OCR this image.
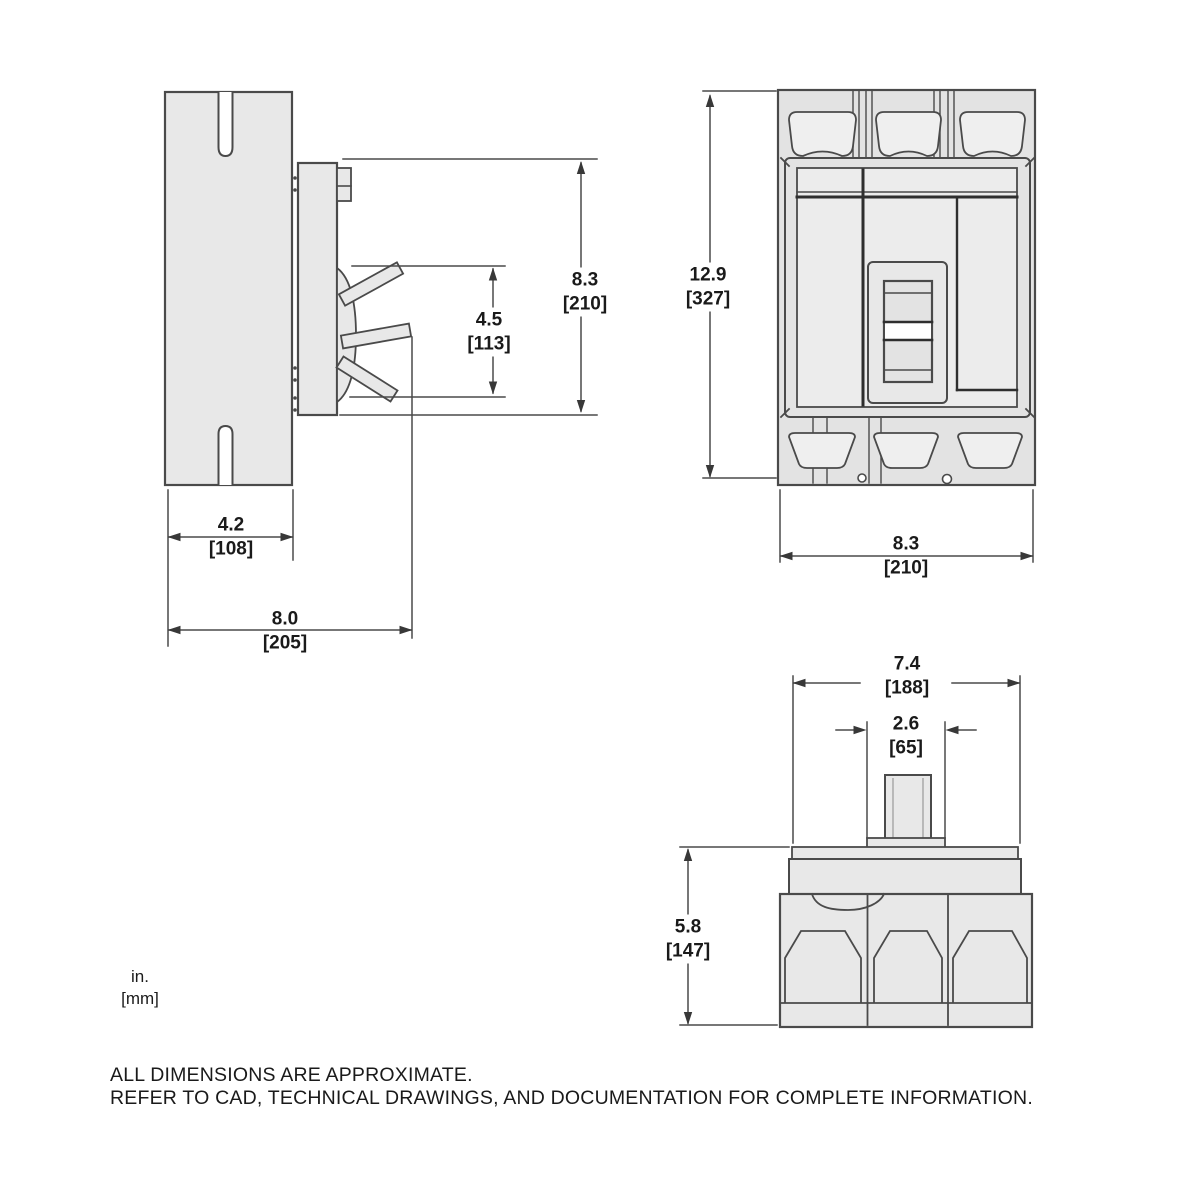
8.3
[210]
4.5
[113]
4.2
[108]
8.0
[205]
12.9
[327]
8.3
[210]
7.4
[188]
2.6
[65]
5.8
[147]
in.
[mm]
ALL DIMENSIONS ARE APPROXIMATE.
REFER TO CAD, TECHNICAL DRAWINGS, AND DOCUMENTATION FOR COMPLETE INFORMATION.
